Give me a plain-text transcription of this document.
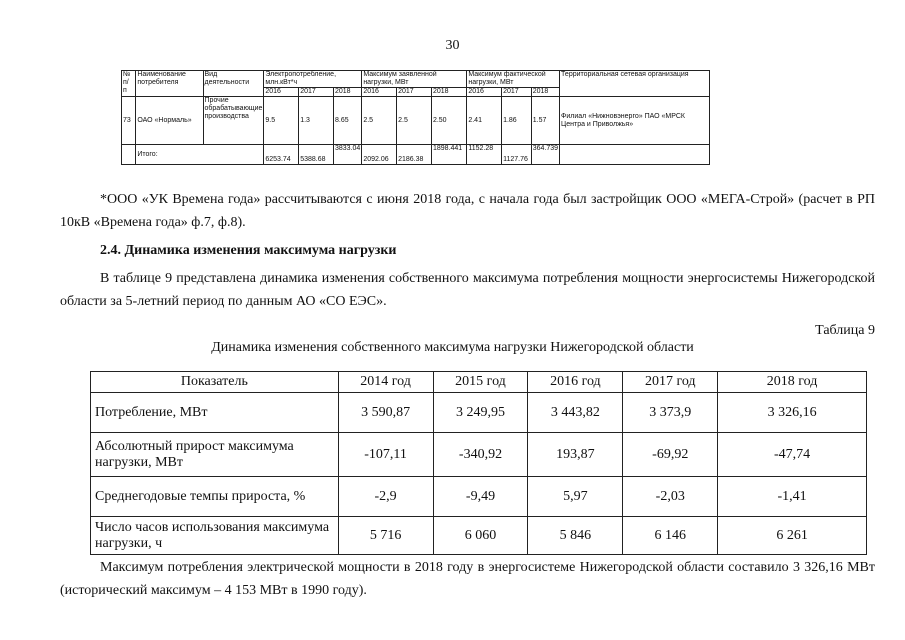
30
№ п/ п	Наименование потребителя	Вид деятельности	Электропотребление, млн.кВт*ч			Максимум заявленной нагрузки, МВт			Максимум фактической нагрузки, МВт			Территориальная сетевая организация
			2016	2017	2018	2016	2017	2018	2016	2017	2018	
73	ОАО «Нормаль»	Прочие обрабатывающие производства	9.5	1.3	8.65	2.5	2.5	2.50	2.41	1.86	1.57	Филиал «Нижновэнерго» ПАО «МРСК Центра и Приволжья»
	Итого:		6253.74	5388.68	3833.04	2092.06	2186.38	1898.441	1152.28	1127.76	364.739	
*ООО «УК Времена года» рассчитываются с июня 2018 года, с начала года был застройщик ООО «МЕГА-Строй» (расчет в РП 10кВ «Времена года» ф.7, ф.8).
2.4. Динамика изменения максимума нагрузки
В таблице 9 представлена динамика изменения собственного максимума потребления мощности энергосистемы Нижегородской области за 5-летний период по данным АО «СО ЕЭС».
Таблица 9
Динамика изменения собственного максимума нагрузки Нижегородской области
Показатель	2014 год	2015 год	2016 год	2017 год	2018 год
Потребление, МВт	3 590,87	3 249,95	3 443,82	3 373,9	3 326,16
Абсолютный прирост максимума нагрузки, МВт	-107,11	-340,92	193,87	-69,92	-47,74
Среднегодовые темпы прироста, %	-2,9	-9,49	5,97	-2,03	-1,41
Число часов использования максимума нагрузки, ч	5 716	6 060	5 846	6 146	6 261
Максимум потребления электрической мощности в 2018 году в энергосистеме Нижегородской области составило 3 326,16 МВт (исторический максимум – 4 153 МВт в 1990 году).
